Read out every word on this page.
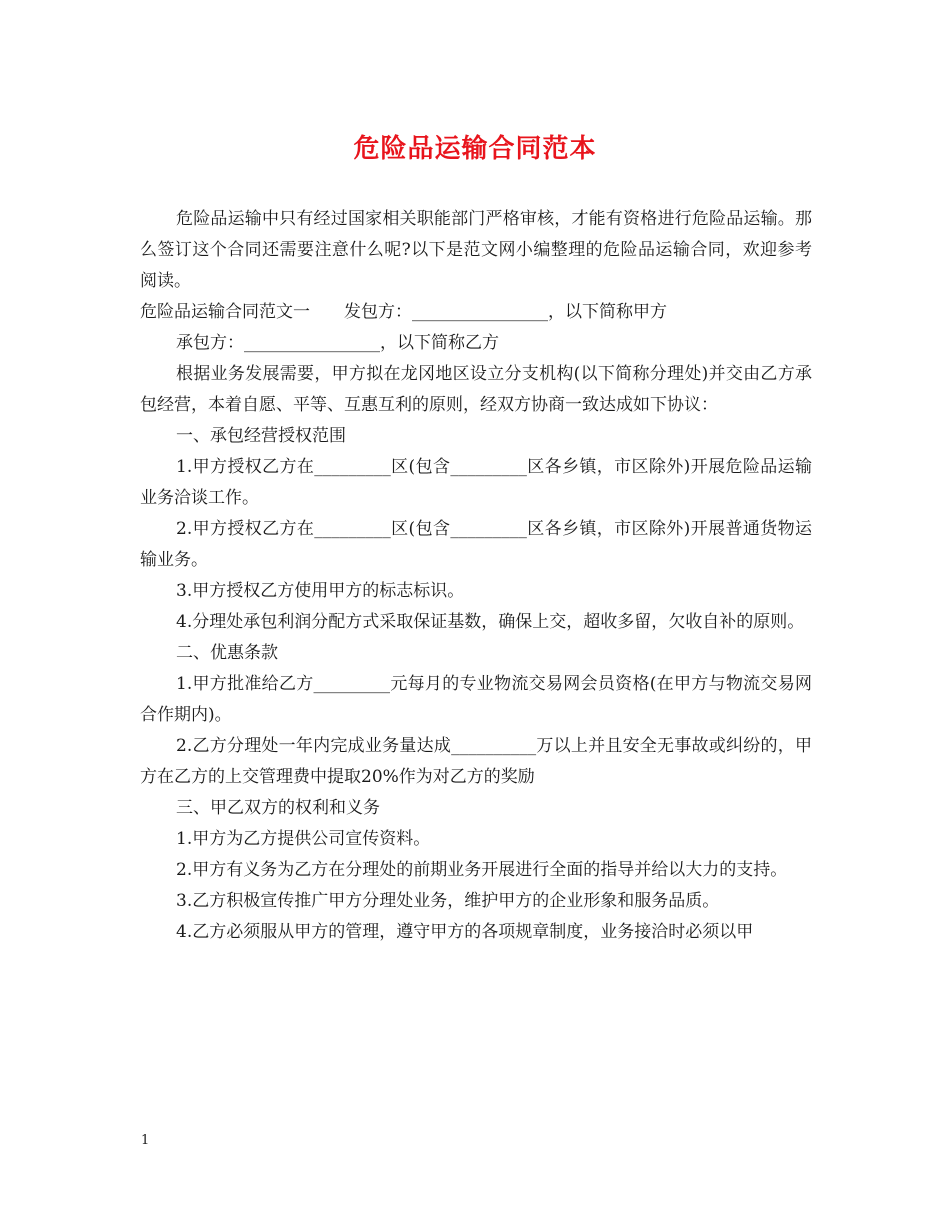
危险品运输合同范本

危险品运输中只有经过国家相关职能部门严格审核，才能有资格进行危险品运输。那么签订这个合同还需要注意什么呢?以下是范文网小编整理的危险品运输合同，欢迎参考阅读。

危险品运输合同范文一　　发包方：________________，以下简称甲方

承包方：________________，以下简称乙方

根据业务发展需要，甲方拟在龙冈地区设立分支机构(以下简称分理处)并交由乙方承包经营，本着自愿、平等、互惠互利的原则，经双方协商一致达成如下协议：

一、承包经营授权范围

1.甲方授权乙方在_________区(包含_________区各乡镇，市区除外)开展危险品运输业务洽谈工作。

2.甲方授权乙方在_________区(包含_________区各乡镇，市区除外)开展普通货物运输业务。

3.甲方授权乙方使用甲方的标志标识。

4.分理处承包利润分配方式采取保证基数，确保上交，超收多留，欠收自补的原则。

二、优惠条款

1.甲方批准给乙方_________元每月的专业物流交易网会员资格(在甲方与物流交易网合作期内)。

2.乙方分理处一年内完成业务量达成__________万以上并且安全无事故或纠纷的，甲方在乙方的上交管理费中提取20%作为对乙方的奖励

三、甲乙双方的权利和义务

1.甲方为乙方提供公司宣传资料。

2.甲方有义务为乙方在分理处的前期业务开展进行全面的指导并给以大力的支持。

3.乙方积极宣传推广甲方分理处业务，维护甲方的企业形象和服务品质。

4.乙方必须服从甲方的管理，遵守甲方的各项规章制度，业务接洽时必须以甲

1
